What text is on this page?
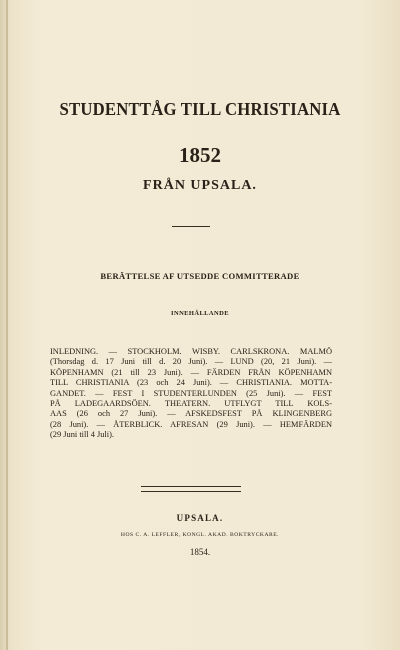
STUDENTTÅG TILL CHRISTIANIA
1852
FRÅN UPSALA.
BERÄTTELSE AF UTSEDDE COMMITTERADE
INNEHÅLLANDE
INLEDNING. — STOCKHOLM. WISBY. CARLSKRONA. MALMÖ
(Thorsdag d. 17 Juni till d. 20 Juni). — LUND (20, 21 Juni). —
KÖPENHAMN (21 till 23 Juni). — FÄRDEN FRÅN KÖPENHAMN
TILL CHRISTIANIA (23 och 24 Juni). — CHRISTIANIA. MOTTA-
GANDET. — FEST I STUDENTERLUNDEN (25 Juni). — FEST
PÅ LADEGAARDSÖEN. THEATERN. UTFLYGT TILL KOLS-
AAS (26 och 27 Juni). — AFSKEDSFEST PÅ KLINGENBERG
(28 Juni). — ÅTERBLICK. AFRESAN (29 Juni). — HEMFÄRDEN
(29 Juni till 4 Juli).
UPSALA.
HOS C. A. LEFFLER, KONGL. AKAD. BOKTRYCKARE.
1854.
